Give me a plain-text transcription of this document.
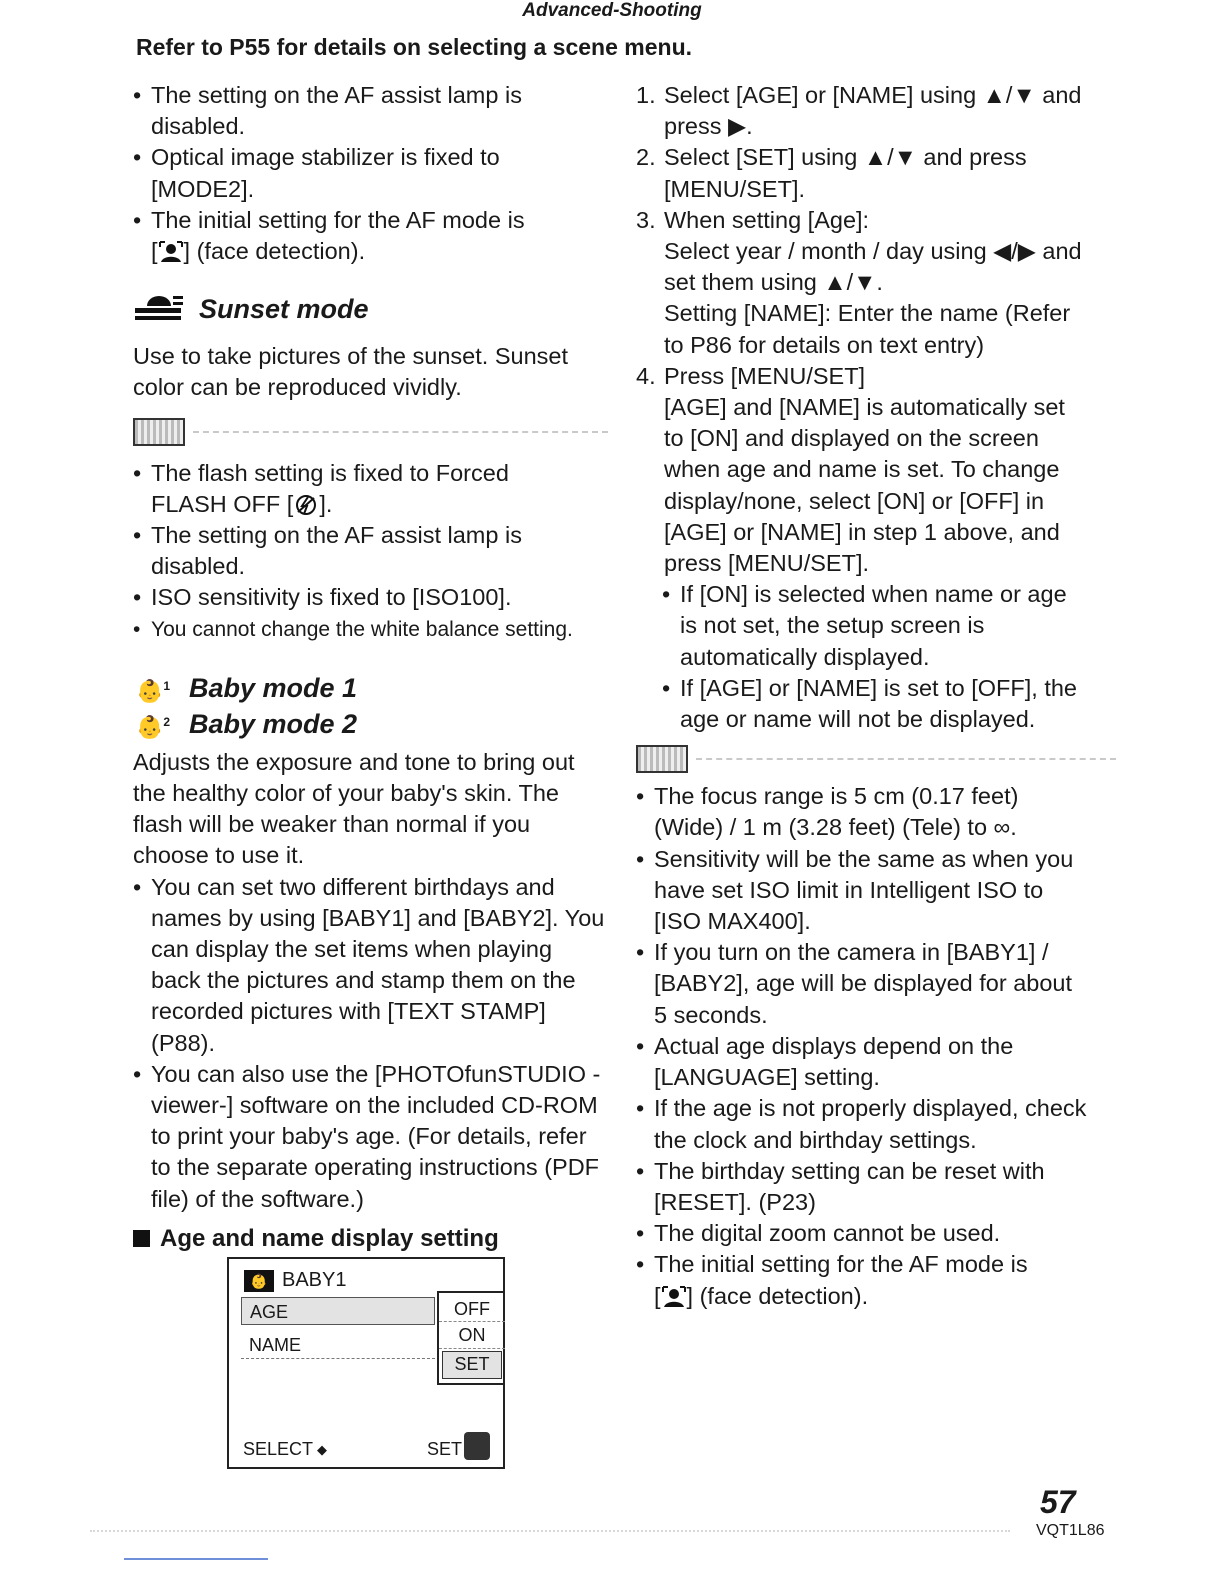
Advanced-Shooting
Refer to P55 for details on selecting a scene menu.
• The setting on the AF assist lamp is disabled.
• Optical image stabilizer is fixed to [MODE2].
• The initial setting for the AF mode is
[ ] (face detection).
Sunset mode
Use to take pictures of the sunset. Sunset color can be reproduced vividly.
• The flash setting is fixed to Forced FLASH OFF [ ].
• The setting on the AF assist lamp is disabled.
• ISO sensitivity is fixed to [ISO100].
• You cannot change the white balance setting.
👶$^1$ Baby mode 1
👶$^2$ Baby mode 2
Adjusts the exposure and tone to bring out the healthy color of your baby's skin. The flash will be weaker than normal if you choose to use it.
• You can set two different birthdays and names by using [BABY1] and [BABY2]. You can display the set items when playing back the pictures and stamp them on the recorded pictures with [TEXT STAMP] (P88).
• You can also use the [PHOTOfunSTUDIO -viewer-] software on the included CD-ROM to print your baby's age. (For details, refer to the separate operating instructions (PDF file) of the software.)
Age and name display setting
👶 BABY1
AGE
NAME
OFF
ON
SET
SELECT ◆	SET
1. Select [AGE] or [NAME] using ▲/▼ and
press ▶.
2. Select [SET] using ▲/▼ and press
[MENU/SET].
3. When setting [Age]:
Select year / month / day using ◀/▶ and
set them using ▲/▼.
Setting [NAME]: Enter the name (Refer
to P86 for details on text entry)
4. Press [MENU/SET]
[AGE] and [NAME] is automatically set
to [ON] and displayed on the screen
when age and name is set. To change
display/none, select [ON] or [OFF] in
[AGE] or [NAME] in step 1 above, and
press [MENU/SET].
• If [ON] is selected when name or age is not set, the setup screen is automatically displayed.
• If [AGE] or [NAME] is set to [OFF], the age or name will not be displayed.
• The focus range is 5 cm (0.17 feet) (Wide) / 1 m (3.28 feet) (Tele) to ∞.
• Sensitivity will be the same as when you have set ISO limit in Intelligent ISO to [ISO MAX400].
• If you turn on the camera in [BABY1] / [BABY2], age will be displayed for about 5 seconds.
• Actual age displays depend on the [LANGUAGE] setting.
• If the age is not properly displayed, check the clock and birthday settings.
• The birthday setting can be reset with [RESET]. (P23)
• The digital zoom cannot be used.
• The initial setting for the AF mode is
[ ] (face detection).
57
VQT1L86
